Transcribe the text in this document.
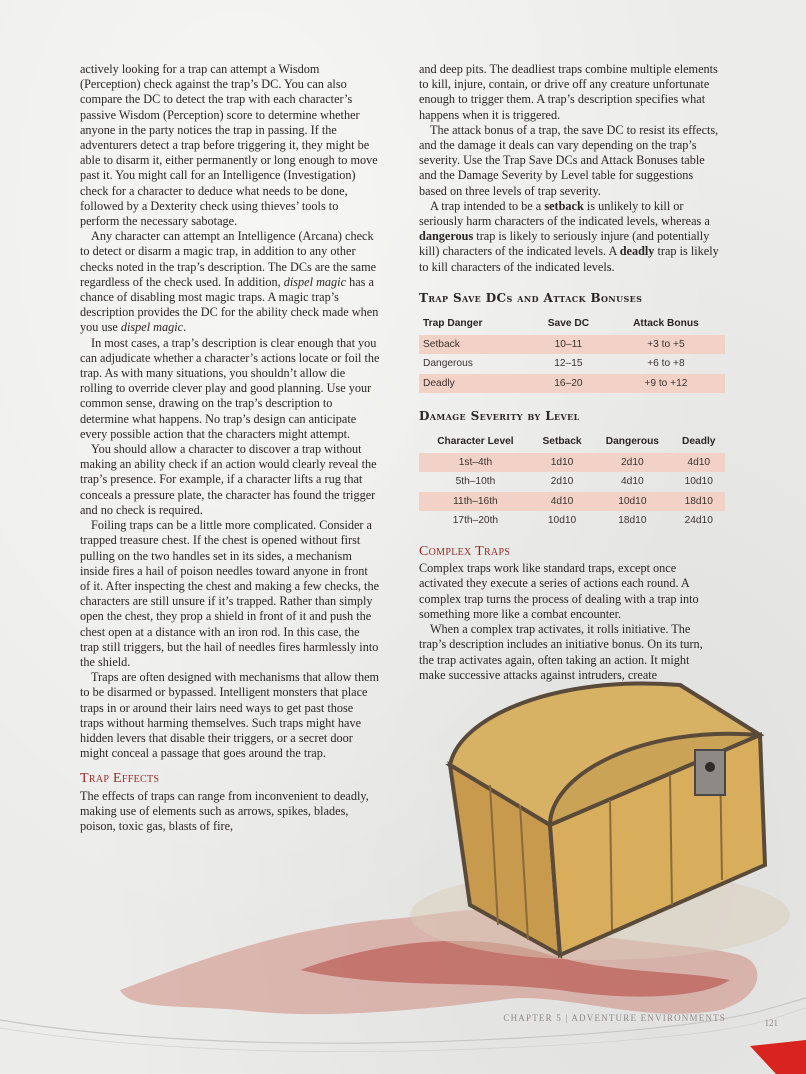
actively looking for a trap can attempt a Wisdom (Perception) check against the trap’s DC. You can also compare the DC to detect the trap with each character’s passive Wisdom (Perception) score to determine whether anyone in the party notices the trap in passing. If the adventurers detect a trap before triggering it, they might be able to disarm it, either permanently or long enough to move past it. You might call for an Intelligence (Investigation) check for a character to deduce what needs to be done, followed by a Dexterity check using thieves’ tools to perform the necessary sabotage.

Any character can attempt an Intelligence (Arcana) check to detect or disarm a magic trap, in addition to any other checks noted in the trap’s description. The DCs are the same regardless of the check used. In addition, dispel magic has a chance of disabling most magic traps. A magic trap’s description provides the DC for the ability check made when you use dispel magic.

In most cases, a trap’s description is clear enough that you can adjudicate whether a character’s actions locate or foil the trap. As with many situations, you shouldn’t allow die rolling to override clever play and good planning. Use your common sense, drawing on the trap’s description to determine what happens. No trap’s design can anticipate every possible action that the characters might attempt.

You should allow a character to discover a trap without making an ability check if an action would clearly reveal the trap’s presence. For example, if a character lifts a rug that conceals a pressure plate, the character has found the trigger and no check is required.

Foiling traps can be a little more complicated. Consider a trapped treasure chest. If the chest is opened without first pulling on the two handles set in its sides, a mechanism inside fires a hail of poison needles toward anyone in front of it. After inspecting the chest and making a few checks, the characters are still unsure if it’s trapped. Rather than simply open the chest, they prop a shield in front of it and push the chest open at a distance with an iron rod. In this case, the trap still triggers, but the hail of needles fires harmlessly into the shield.

Traps are often designed with mechanisms that allow them to be disarmed or bypassed. Intelligent monsters that place traps in or around their lairs need ways to get past those traps without harming themselves. Such traps might have hidden levers that disable their triggers, or a secret door might conceal a passage that goes around the trap.

Trap Effects

The effects of traps can range from inconvenient to deadly, making use of elements such as arrows, spikes, blades, poison, toxic gas, blasts of fire,

and deep pits. The deadliest traps combine multiple elements to kill, injure, contain, or drive off any creature unfortunate enough to trigger them. A trap’s description specifies what happens when it is triggered.

The attack bonus of a trap, the save DC to resist its effects, and the damage it deals can vary depending on the trap’s severity. Use the Trap Save DCs and Attack Bonuses table and the Damage Severity by Level table for suggestions based on three levels of trap severity.

A trap intended to be a setback is unlikely to kill or seriously harm characters of the indicated levels, whereas a dangerous trap is likely to seriously injure (and potentially kill) characters of the indicated levels. A deadly trap is likely to kill characters of the indicated levels.

Trap Save DCs and Attack Bonuses
Trap Danger	Save DC	Attack Bonus
Setback	10–11	+3 to +5
Dangerous	12–15	+6 to +8
Deadly	16–20	+9 to +12
Damage Severity by Level
Character Level	Setback	Dangerous	Deadly
1st–4th	1d10	2d10	4d10
5th–10th	2d10	4d10	10d10
11th–16th	4d10	10d10	18d10
17th–20th	10d10	18d10	24d10
Complex Traps

Complex traps work like standard traps, except once activated they execute a series of actions each round. A complex trap turns the process of dealing with a trap into something more like a combat encounter.

When a complex trap activates, it rolls initiative. The trap’s description includes an initiative bonus. On its turn, the trap activates again, often taking an action. It might make successive attacks against intruders, create

CHAPTER 5 | ADVENTURE ENVIRONMENTS	121
